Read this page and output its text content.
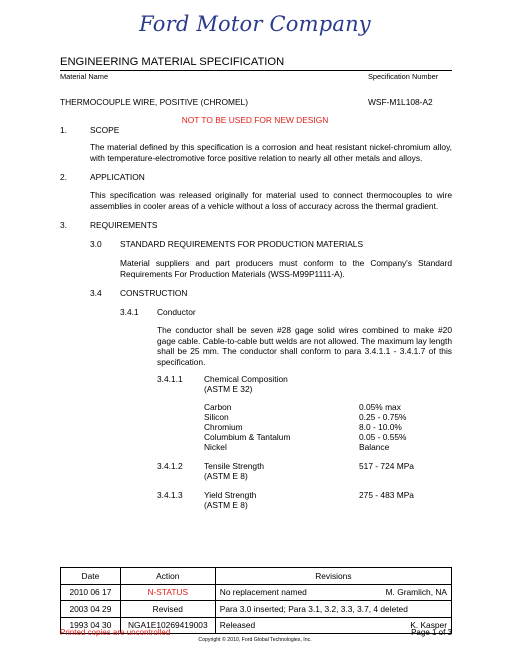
Ford Motor Company
ENGINEERING MATERIAL SPECIFICATION
Material Name	Specification Number
THERMOCOUPLE WIRE, POSITIVE (CHROMEL)	WSF-M1L108-A2
NOT TO BE USED FOR NEW DESIGN
1.	SCOPE
The material defined by this specification is a corrosion and heat resistant nickel-chromium alloy, with temperature-electromotive force positive relation to nearly all other metals and alloys.
2.	APPLICATION
This specification was released originally for material used to connect thermocouples to wire assemblies in cooler areas of a vehicle without a loss of accuracy across the thermal gradient.
3.	REQUIREMENTS
3.0 STANDARD REQUIREMENTS FOR PRODUCTION MATERIALS
Material suppliers and part producers must conform to the Company's Standard Requirements For Production Materials (WSS-M99P1111-A).
3.4 CONSTRUCTION
3.4.1 Conductor
The conductor shall be seven #28 gage solid wires combined to make #20 gage cable. Cable-to-cable butt welds are not allowed. The maximum lay length shall be 25 mm. The conductor shall conform to para 3.4.1.1 - 3.4.1.7 of this specification.
3.4.1.1	Chemical Composition
(ASTM E 32)
Carbon	0.05% max
Silicon	0.25 - 0.75%
Chromium	8.0 - 10.0%
Columbium & Tantalum	0.05 - 0.55%
Nickel	Balance
3.4.1.2	Tensile Strength
(ASTM E 8)
517 - 724 MPa
3.4.1.3	Yield Strength
(ASTM E 8)
275 - 483 MPa
Date	Action	Revisions
2010 06 17	N-STATUS	No replacement named M. Gramlich, NA

2003 04 29	Revised	Para 3.0 inserted; Para 3.1, 3.2, 3.3, 3.7, 4 deleted

1993 04 30	NGA1E10269419003	Released K. Kasper
Printed copies are uncontrolled	Page 1 of 3
Copyright © 2010, Ford Global Technologies, Inc.
